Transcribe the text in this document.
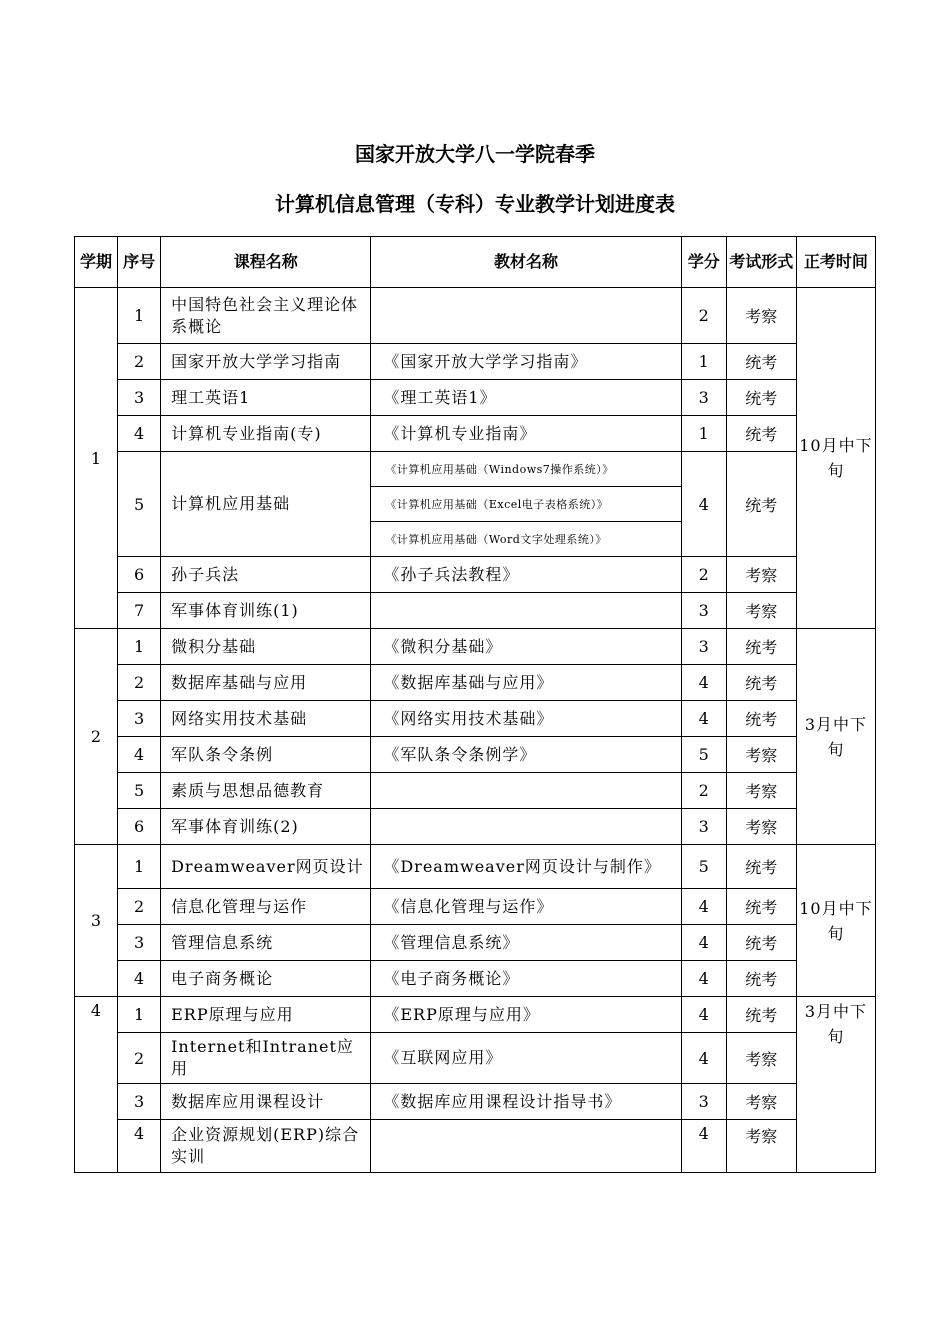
国家开放大学八一学院春季
计算机信息管理（专科）专业教学计划进度表
学期	序号	课程名称	教材名称	学分	考试形式	正考时间
1	1	中国特色社会主义理论体系概论		2	考察	10月中下旬
	2	国家开放大学学习指南	《国家开放大学学习指南》	1	统考	
	3	理工英语1	《理工英语1》	3	统考	
	4	计算机专业指南(专)	《计算机专业指南》	1	统考	
	5	计算机应用基础	《计算机应用基础（Windows7操作系统）》	4	统考	
			《计算机应用基础（Excel电子表格系统）》			
			《计算机应用基础（Word文字处理系统）》			
	6	孙子兵法	《孙子兵法教程》	2	考察	
	7	军事体育训练(1)		3	考察	
2	1	微积分基础	《微积分基础》	3	统考	3月中下旬
	2	数据库基础与应用	《数据库基础与应用》	4	统考	
	3	网络实用技术基础	《网络实用技术基础》	4	统考	
	4	军队条令条例	《军队条令条例学》	5	考察	
	5	素质与思想品德教育		2	考察	
	6	军事体育训练(2)		3	考察	
3	1	Dreamweaver网页设计	《Dreamweaver网页设计与制作》	5	统考	10月中下旬
	2	信息化管理与运作	《信息化管理与运作》	4	统考	
	3	管理信息系统	《管理信息系统》	4	统考	
	4	电子商务概论	《电子商务概论》	4	统考	
4	1	ERP原理与应用	《ERP原理与应用》	4	统考	3月中下旬
	2	Internet和Intranet应用	《互联网应用》	4	考察	
	3	数据库应用课程设计	《数据库应用课程设计指导书》	3	考察	
	4	企业资源规划(ERP)综合实训		4	考察	
